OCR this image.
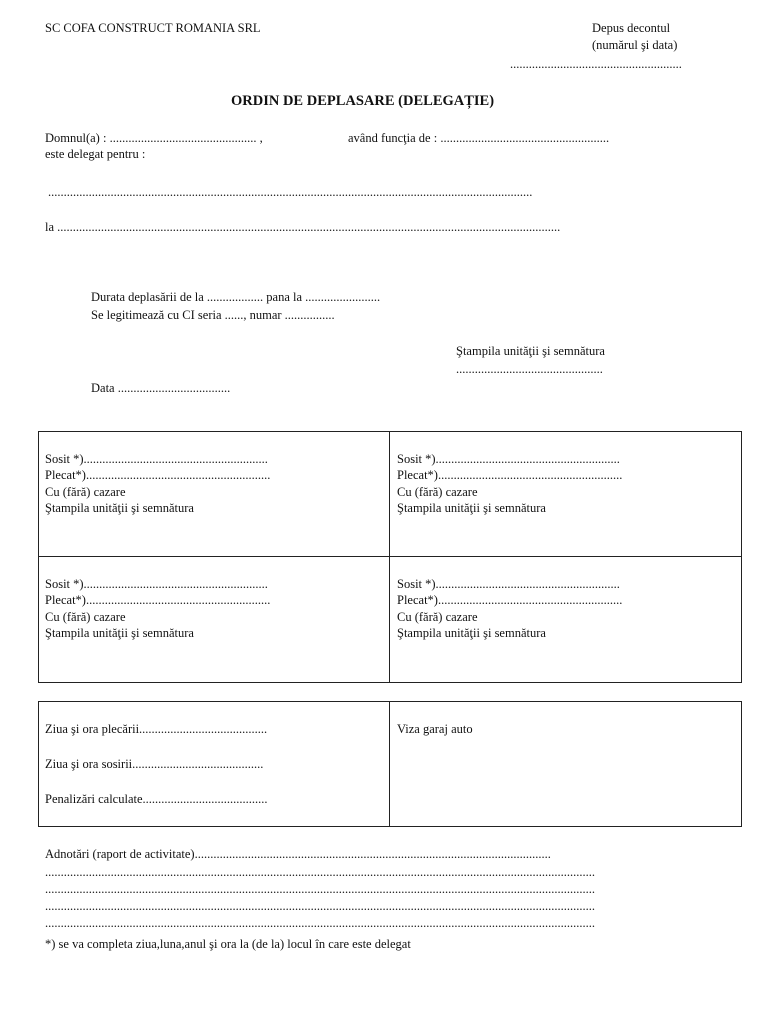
SC COFA CONSTRUCT ROMANIA SRL	Depus decontul
(numărul şi data)
.......................................................
ORDIN DE DEPLASARE (DELEGAȚIE)
Domnul(a) : ............................................... ,	având funcţia de : ......................................................
este delegat pentru :
...........................................................................................................................................................
la .................................................................................................................................................................
Durata deplasării de la .................. pana la ........................
Se legitimează cu CI seria ......, numar ................
Ştampila unităţii şi semnătura
...............................................
Data ....................................
Sosit *)...........................................................
Plecat*)...........................................................
Cu (fără) cazare
Ştampila unităţii şi semnătura
Sosit *)...........................................................
Plecat*)...........................................................
Cu (fără) cazare
Ştampila unităţii şi semnătura
Sosit *)...........................................................
Plecat*)...........................................................
Cu (fără) cazare
Ştampila unităţii şi semnătura
Sosit *)...........................................................
Plecat*)...........................................................
Cu (fără) cazare
Ştampila unităţii şi semnătura
Ziua şi ora plecării.........................................
Ziua şi ora sosirii..........................................
Penalizări calculate........................................
Viza garaj auto
Adnotări (raport de activitate)..................................................................................................................
................................................................................................................................................................................
................................................................................................................................................................................
................................................................................................................................................................................
................................................................................................................................................................................
*) se va completa ziua,luna,anul şi ora la (de la) locul în care este delegat
